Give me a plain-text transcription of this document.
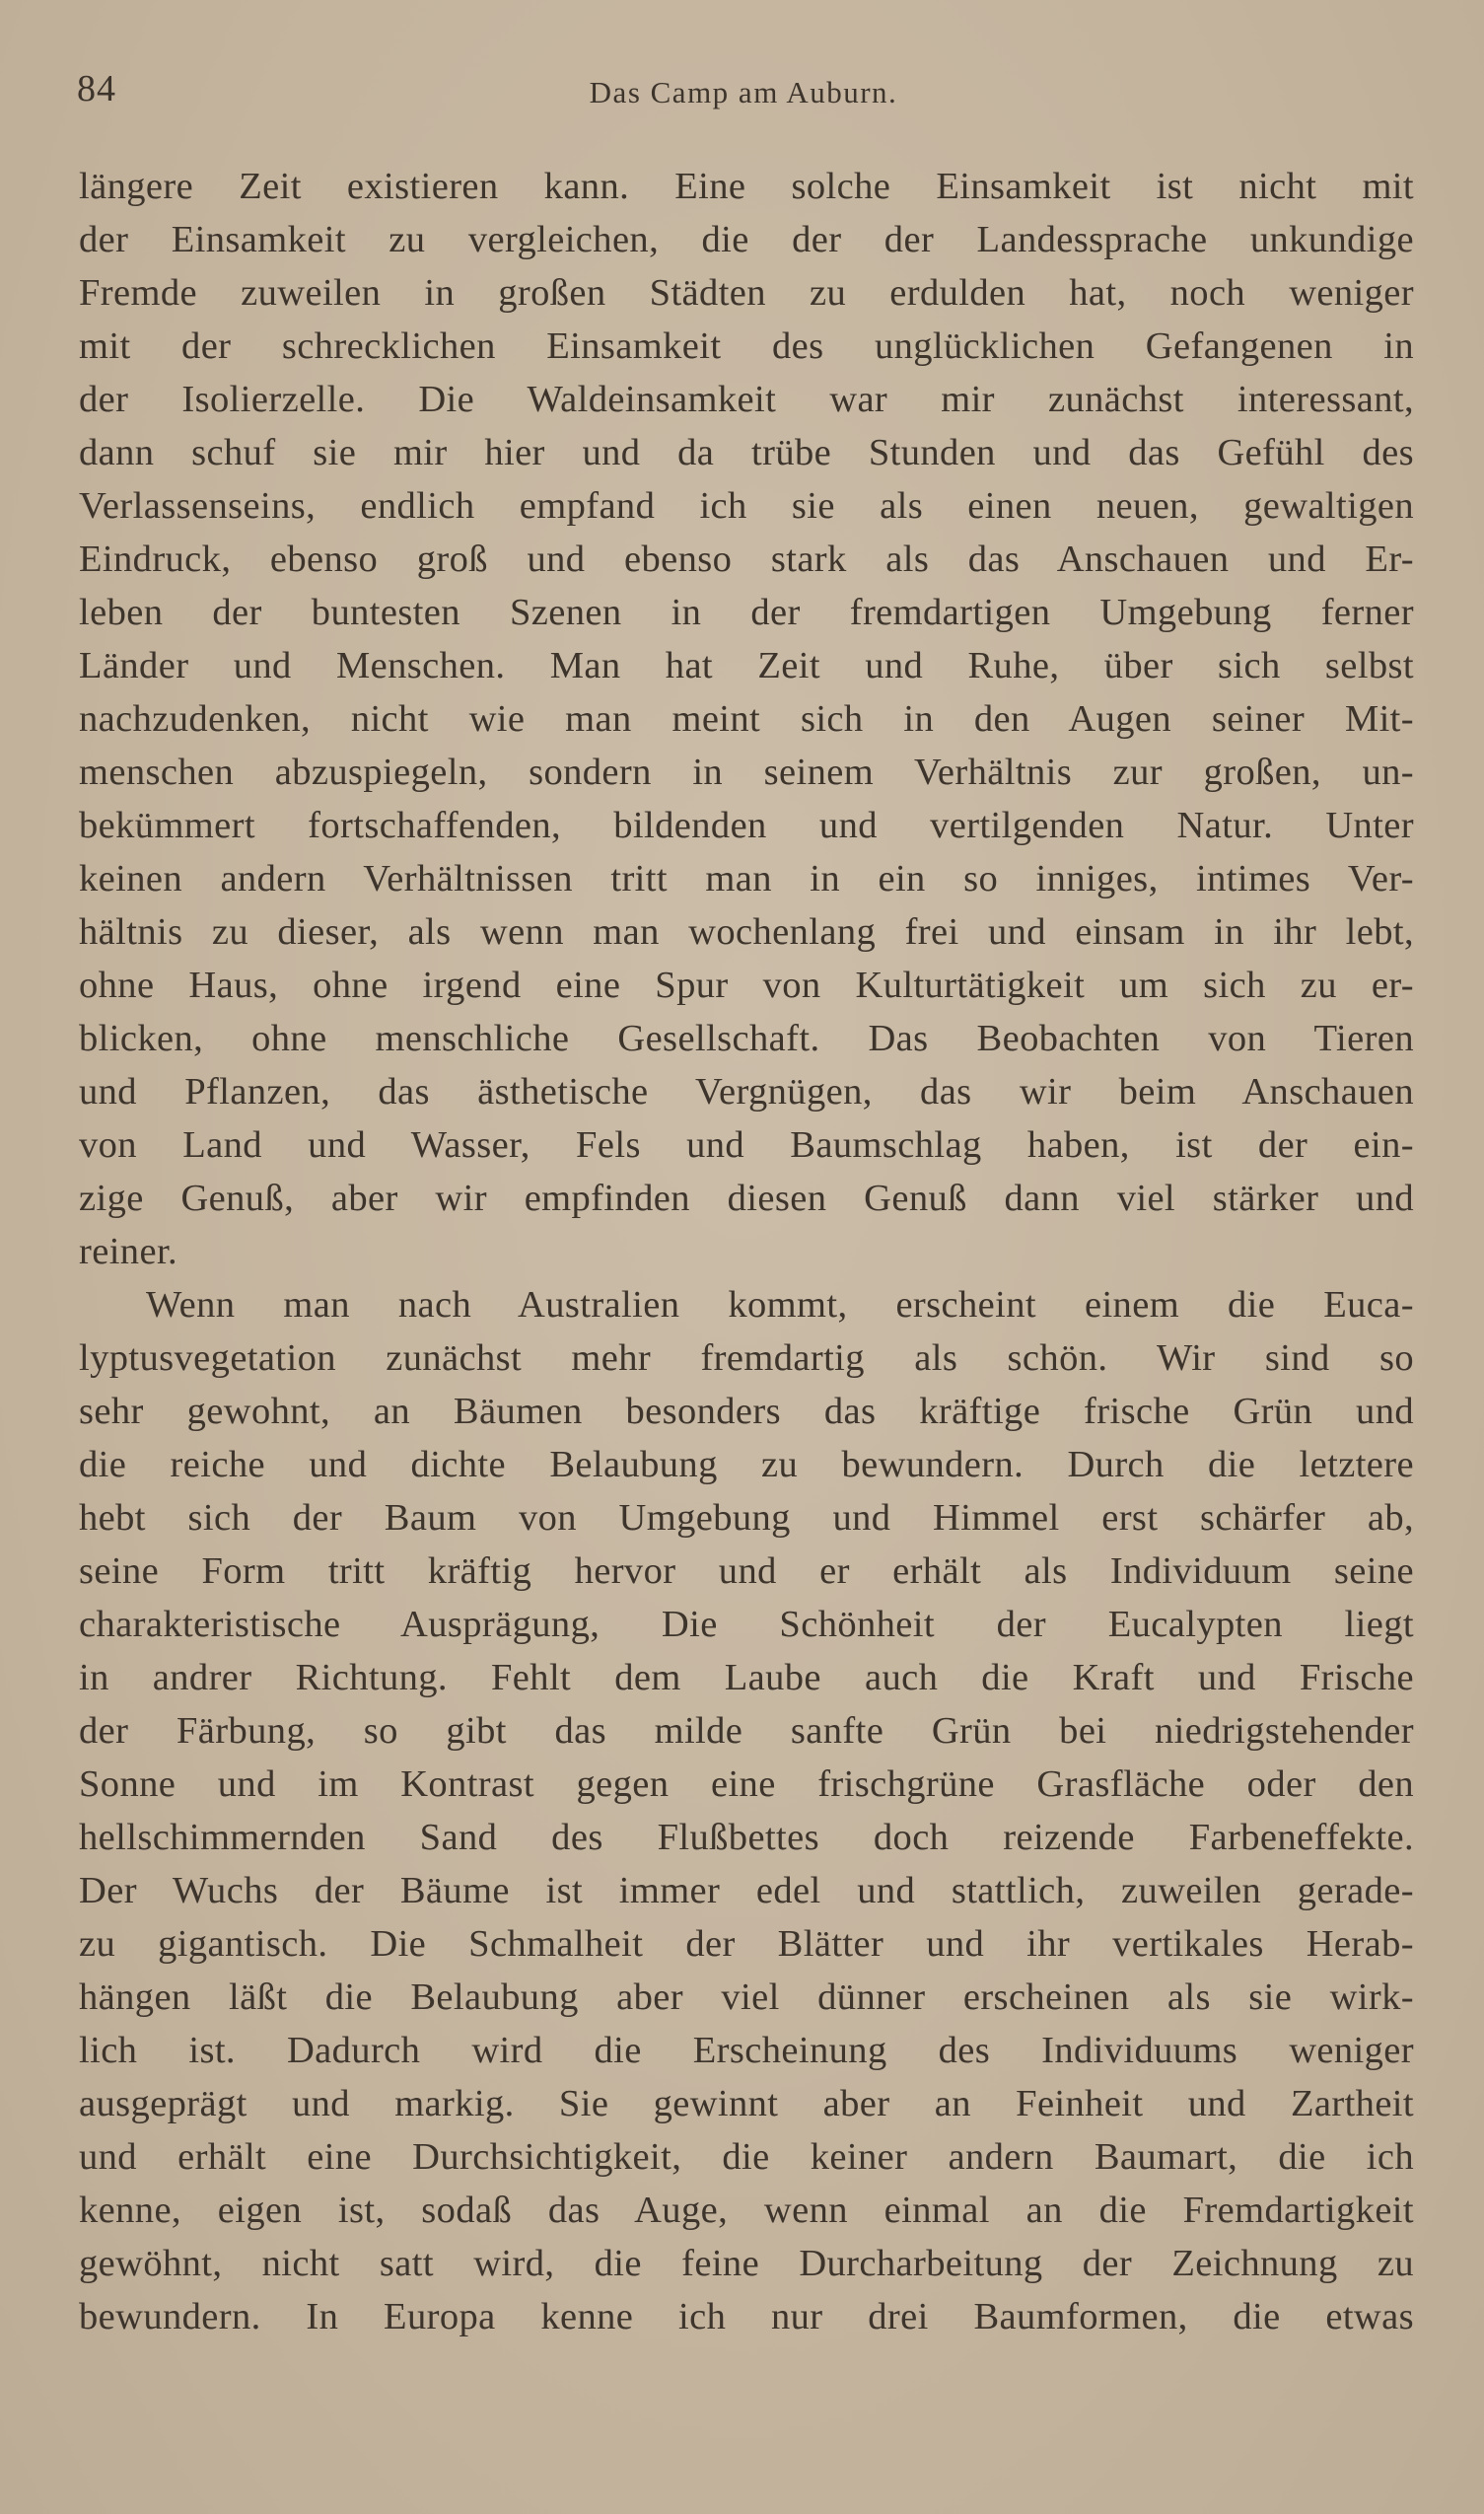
84	Das Camp am Auburn.
längere Zeit existieren kann. Eine solche Einsamkeit ist nicht mit
der Einsamkeit zu vergleichen, die der der Landessprache unkundige
Fremde zuweilen in großen Städten zu erdulden hat, noch weniger
mit der schrecklichen Einsamkeit des unglücklichen Gefangenen in
der Isolierzelle. Die Waldeinsamkeit war mir zunächst interessant,
dann schuf sie mir hier und da trübe Stunden und das Gefühl des
Verlassenseins, endlich empfand ich sie als einen neuen, gewaltigen
Eindruck, ebenso groß und ebenso stark als das Anschauen und Er-
leben der buntesten Szenen in der fremdartigen Umgebung ferner
Länder und Menschen. Man hat Zeit und Ruhe, über sich selbst
nachzudenken, nicht wie man meint sich in den Augen seiner Mit-
menschen abzuspiegeln, sondern in seinem Verhältnis zur großen, un-
bekümmert fortschaffenden, bildenden und vertilgenden Natur. Unter
keinen andern Verhältnissen tritt man in ein so inniges, intimes Ver-
hältnis zu dieser, als wenn man wochenlang frei und einsam in ihr lebt,
ohne Haus, ohne irgend eine Spur von Kulturtätigkeit um sich zu er-
blicken, ohne menschliche Gesellschaft. Das Beobachten von Tieren
und Pflanzen, das ästhetische Vergnügen, das wir beim Anschauen
von Land und Wasser, Fels und Baumschlag haben, ist der ein-
zige Genuß, aber wir empfinden diesen Genuß dann viel stärker und
reiner.
Wenn man nach Australien kommt, erscheint einem die Euca-
lyptusvegetation zunächst mehr fremdartig als schön. Wir sind so
sehr gewohnt, an Bäumen besonders das kräftige frische Grün und
die reiche und dichte Belaubung zu bewundern. Durch die letztere
hebt sich der Baum von Umgebung und Himmel erst schärfer ab,
seine Form tritt kräftig hervor und er erhält als Individuum seine
charakteristische Ausprägung, Die Schönheit der Eucalypten liegt
in andrer Richtung. Fehlt dem Laube auch die Kraft und Frische
der Färbung, so gibt das milde sanfte Grün bei niedrigstehender
Sonne und im Kontrast gegen eine frischgrüne Grasfläche oder den
hellschimmernden Sand des Flußbettes doch reizende Farbeneffekte.
Der Wuchs der Bäume ist immer edel und stattlich, zuweilen gerade-
zu gigantisch. Die Schmalheit der Blätter und ihr vertikales Herab-
hängen läßt die Belaubung aber viel dünner erscheinen als sie wirk-
lich ist. Dadurch wird die Erscheinung des Individuums weniger
ausgeprägt und markig. Sie gewinnt aber an Feinheit und Zartheit
und erhält eine Durchsichtigkeit, die keiner andern Baumart, die ich
kenne, eigen ist, sodaß das Auge, wenn einmal an die Fremdartigkeit
gewöhnt, nicht satt wird, die feine Durcharbeitung der Zeichnung zu
bewundern. In Europa kenne ich nur drei Baumformen, die etwas
